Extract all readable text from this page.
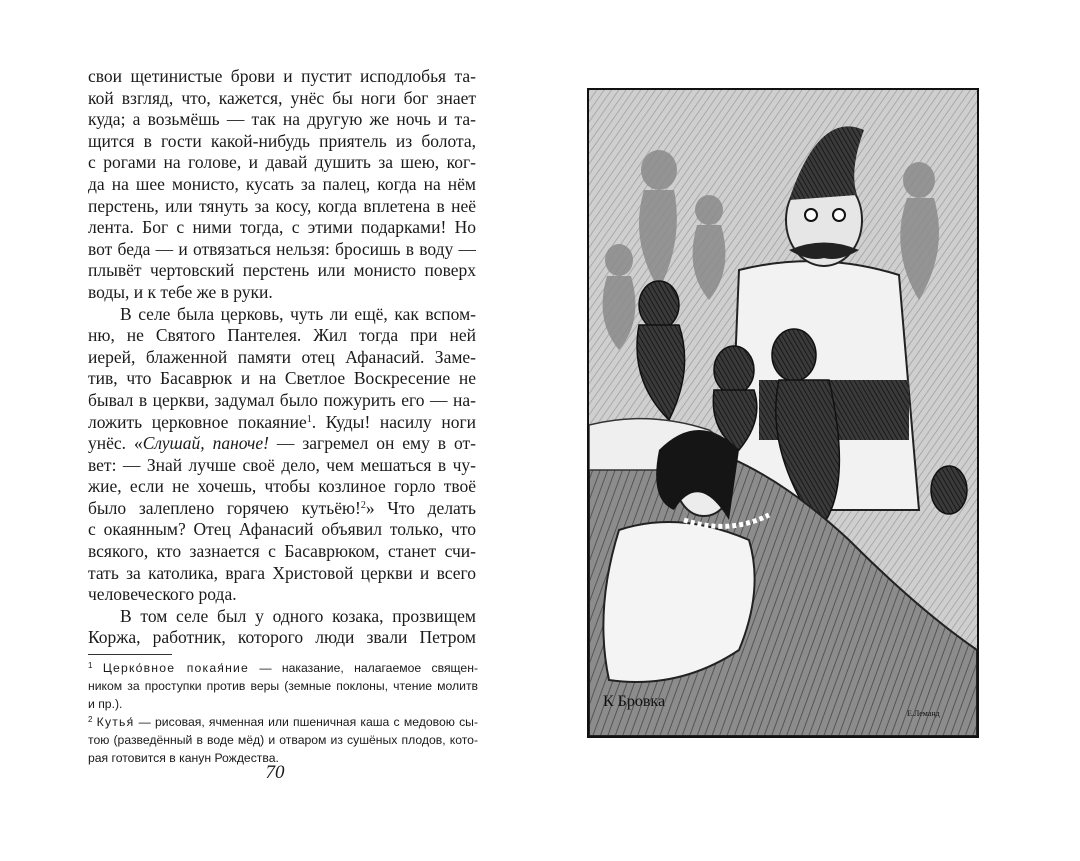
свои щетинистые брови и пустит исподлобья та-
кой взгляд, что, кажется, унёс бы ноги бог знает
куда; а возьмёшь — так на другую же ночь и та-
щится в гости какой-нибудь приятель из болота,
с рогами на голове, и давай душить за шею, ког-
да на шее монисто, кусать за палец, когда на нём
перстень, или тянуть за косу, когда вплетена в неё
лента. Бог с ними тогда, с этими подарками! Но
вот беда — и отвязаться нельзя: бросишь в воду —
плывёт чертовский перстень или монисто поверх
воды, и к тебе же в руки.
В селе была церковь, чуть ли ещё, как вспом-
ню, не Святого Пантелея. Жил тогда при ней
иерей, блаженной памяти отец Афанасий. Заме-
тив, что Басаврюк и на Светлое Воскресение не
бывал в церкви, задумал было пожурить его — на-
ложить церковное покаяние$^1$. Куды! насилу ноги
унёс. «Слушай, паноче! — загремел он ему в от-
вет: — Знай лучше своё дело, чем мешаться в чу-
жие, если не хочешь, чтобы козлиное горло твоё
было залеплено горячею кутьёю!$^2$» Что делать
с окаянным? Отец Афанасий объявил только, что
всякого, кто зазнается с Басаврюком, станет счи-
тать за католика, врага Христовой церкви и всего
человеческого рода.
В том селе был у одного козака, прозвищем
Коржа, работник, которого люди звали Петром
$^1$ Церко́вное покая́ние — наказание, налагаемое священ-
ником за проступки против веры (земные поклоны, чтение молитв
и пр.).
$^2$ Кутья́ — рисовая, ячменная или пшеничная каша с медовою сы-
тою (разведённый в воде мёд) и отваром из сушёных плодов, кото-
рая готовится в канун Рождества.
70
К Бровка
Е.Леманд
